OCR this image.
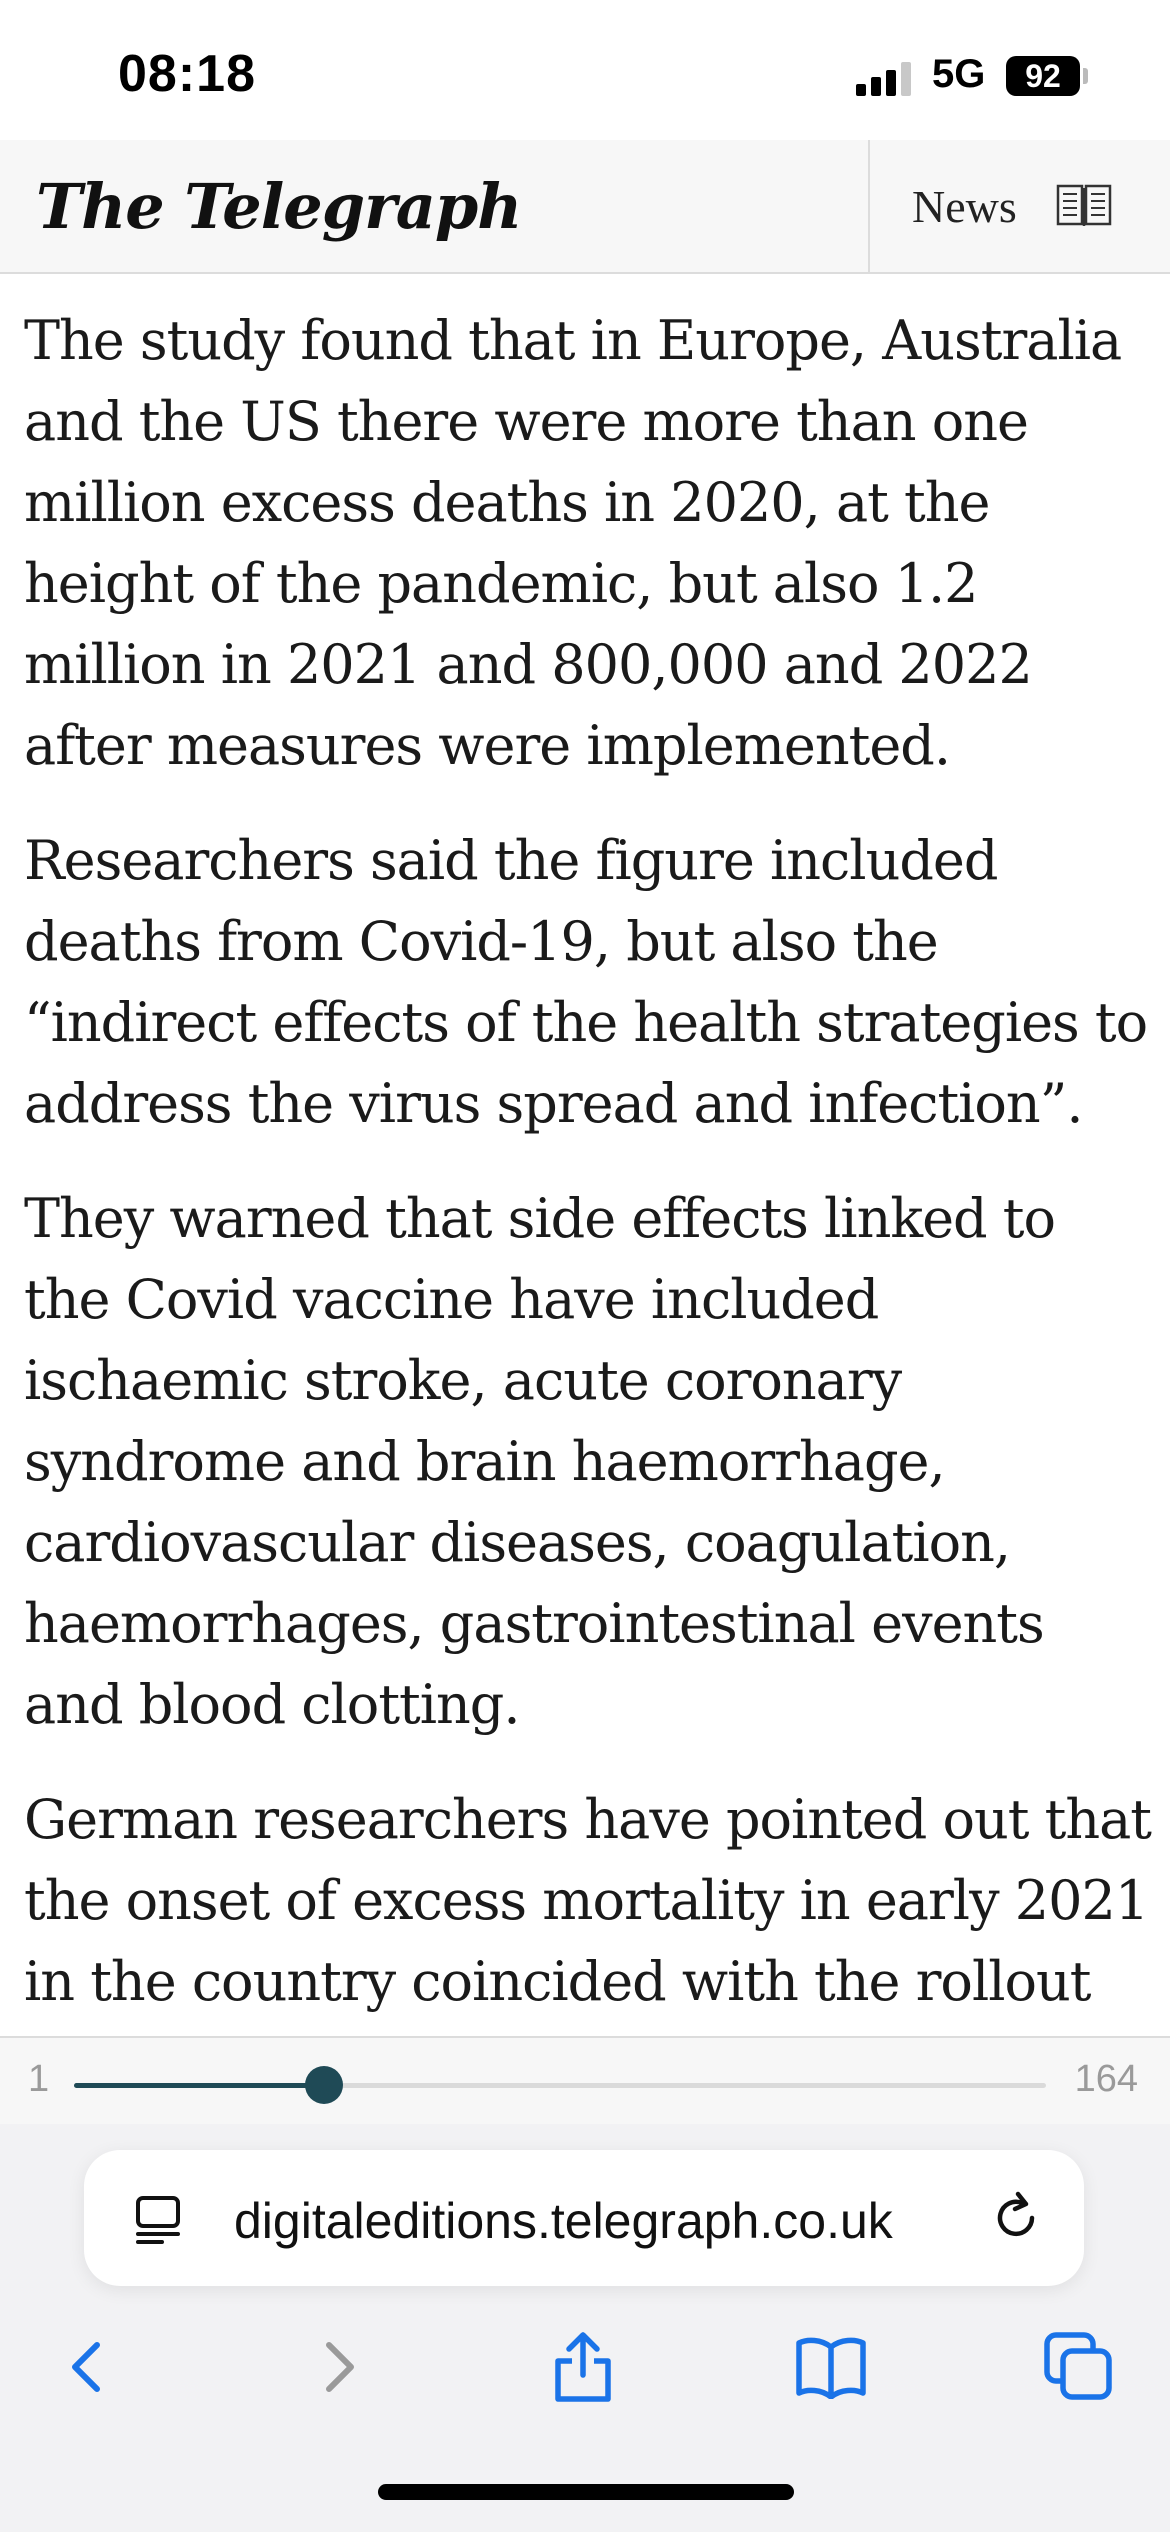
08:18	5G	92
The Telegraph	News

The study found that in Europe, Australia and the US there were more than one million excess deaths in 2020, at the height of the pandemic, but also 1.2 million in 2021 and 800,000 and 2022 after measures were implemented.

Researchers said the figure included deaths from Covid-19, but also the “indirect effects of the health strategies to address the virus spread and infection”.

They warned that side effects linked to the Covid vaccine have included ischaemic stroke, acute coronary syndrome and brain haemorrhage, cardiovascular diseases, coagulation, haemorrhages, gastrointestinal events and blood clotting.

German researchers have pointed out that the onset of excess mortality in early 2021 in the country coincided with the rollout

1	164
digitaleditions.telegraph.co.uk
